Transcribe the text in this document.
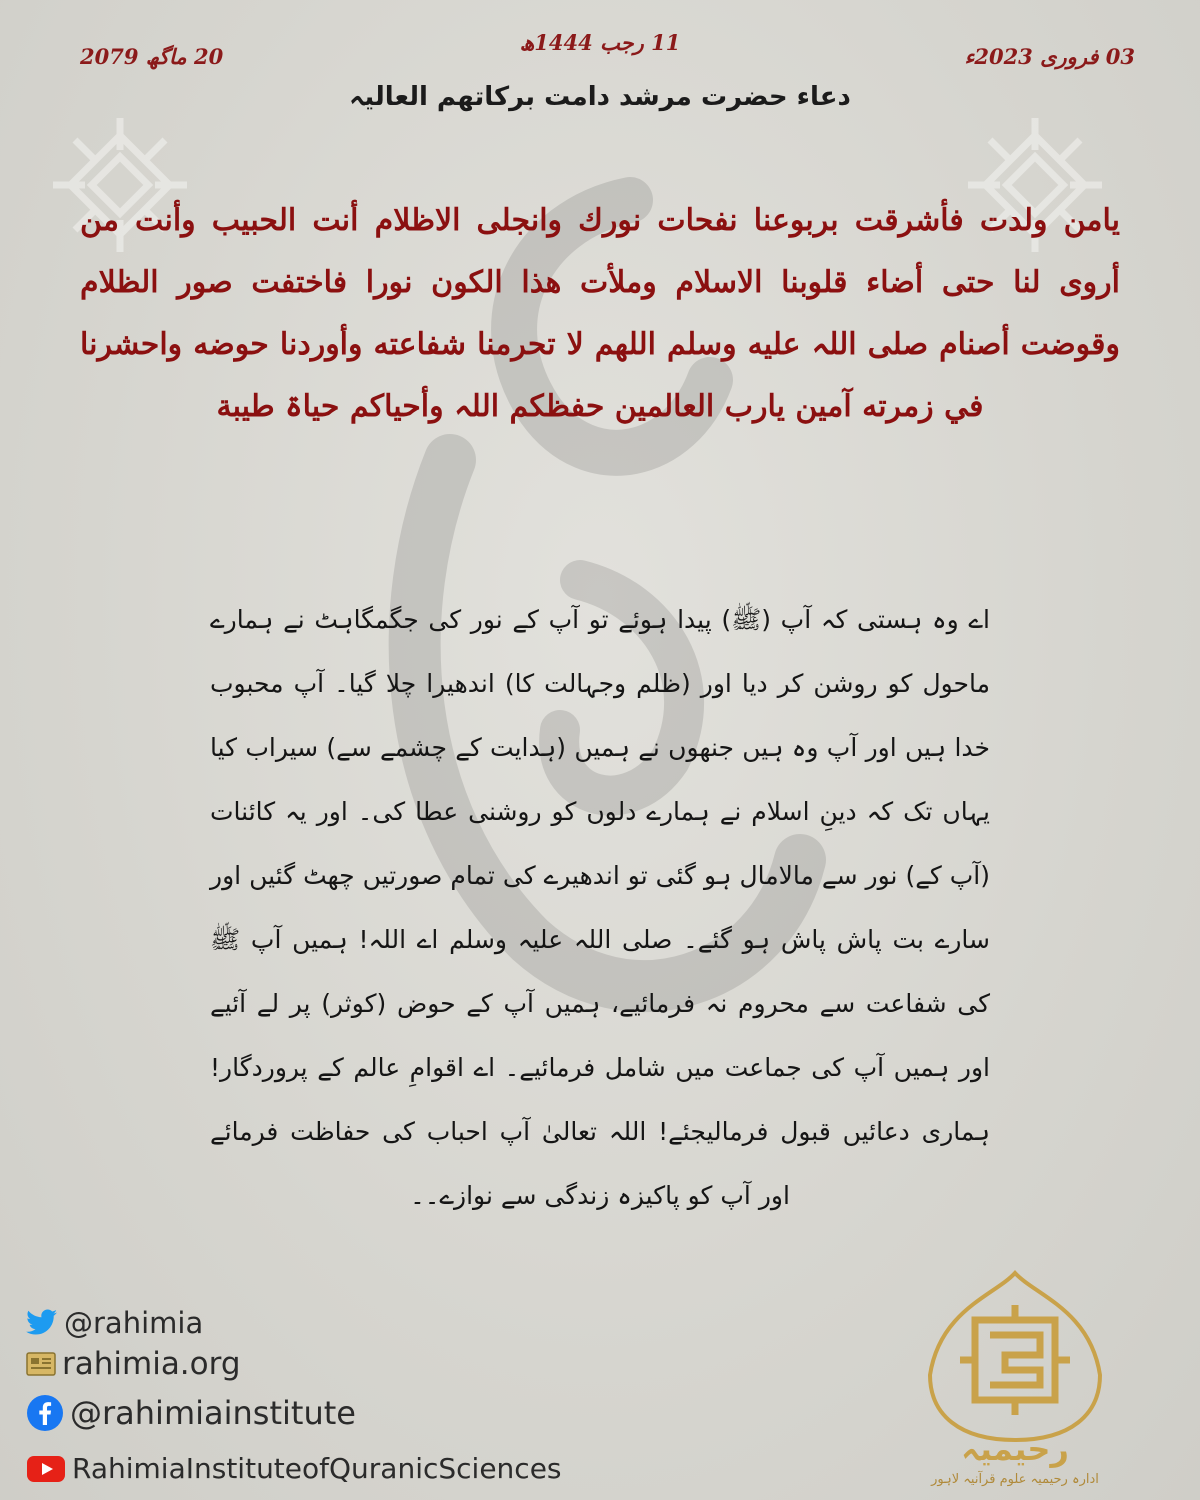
11 رجب 1444ھ
03 فروری 2023ء
20 ماگھ 2079
دعاء حضرت مرشد دامت برکاتھم العالیہ
یامن ولدت فأشرقت بربوعنا نفحات نورك وانجلی الاظلام أنت الحبیب وأنت من أروی لنا حتی أضاء قلوبنا الاسلام وملأت ھذا الكون نورا فاختفت صور الظلام وقوضت أصنام صلی اللہ علیه وسلم اللھم لا تحرمنا شفاعته وأوردنا حوضه واحشرنا في زمرته آمین یارب العالمین حفظكم اللہ وأحیاكم حیاۃ طیبة
اے وہ ہستی کہ آپ (ﷺ) پیدا ہوئے تو آپ کے نور کی جگمگاہٹ نے ہمارے ماحول کو روشن کر دیا اور (ظلم وجہالت کا) اندھیرا چلا گیا۔ آپ محبوب خدا ہیں اور آپ وہ ہیں جنھوں نے ہمیں (ہدایت کے چشمے سے) سیراب کیا یہاں تک کہ دینِ اسلام نے ہمارے دلوں کو روشنی عطا کی۔ اور یہ کائنات (آپ کے) نور سے مالامال ہو گئی تو اندھیرے کی تمام صورتیں چھٹ گئیں اور سارے بت پاش پاش ہو گئے۔ صلی اللہ علیہ وسلم اے اللہ! ہمیں آپ ﷺ کی شفاعت سے محروم نہ فرمائیے، ہمیں آپ کے حوض (کوثر) پر لے آئیے اور ہمیں آپ کی جماعت میں شامل فرمائیے۔ اے اقوامِ عالم کے پروردگار! ہماری دعائیں قبول فرمالیجئے! اللہ تعالیٰ آپ احباب کی حفاظت فرمائے اور آپ کو پاکیزہ زندگی سے نوازے۔۔
@rahimia
rahimia.org
@rahimiainstitute
RahimiaInstituteofQuranicSciences
رحیمیہ
ادارہ رحیمیہ علوم قرآنیہ لاہور
